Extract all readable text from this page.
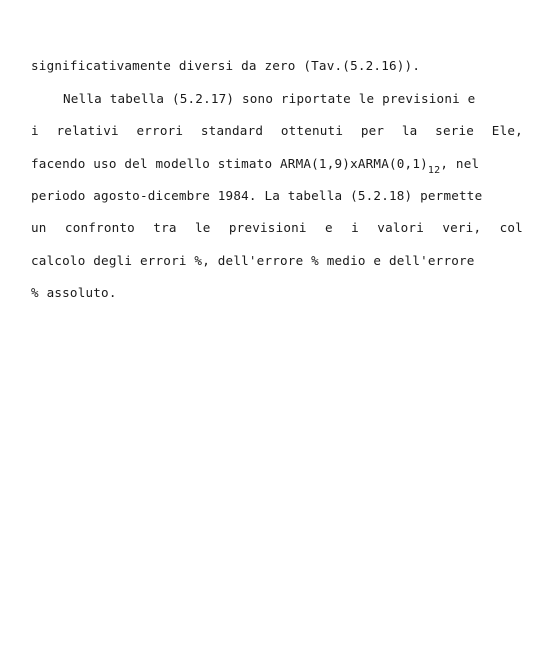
significativamente diversi da zero (Tav.(5.2.16)).
Nella tabella (5.2.17) sono riportate le previsioni e
i relativi errori standard ottenuti per la serie Ele,
facendo uso del modello stimato $ARMA(1,9)xARMA(0,1)_{12}$, nel
periodo agosto-dicembre 1984. La tabella (5.2.18) permette
un confronto tra le previsioni e i valori veri, col
calcolo degli errori %, dell'errore % medio e dell'errore
% assoluto.
